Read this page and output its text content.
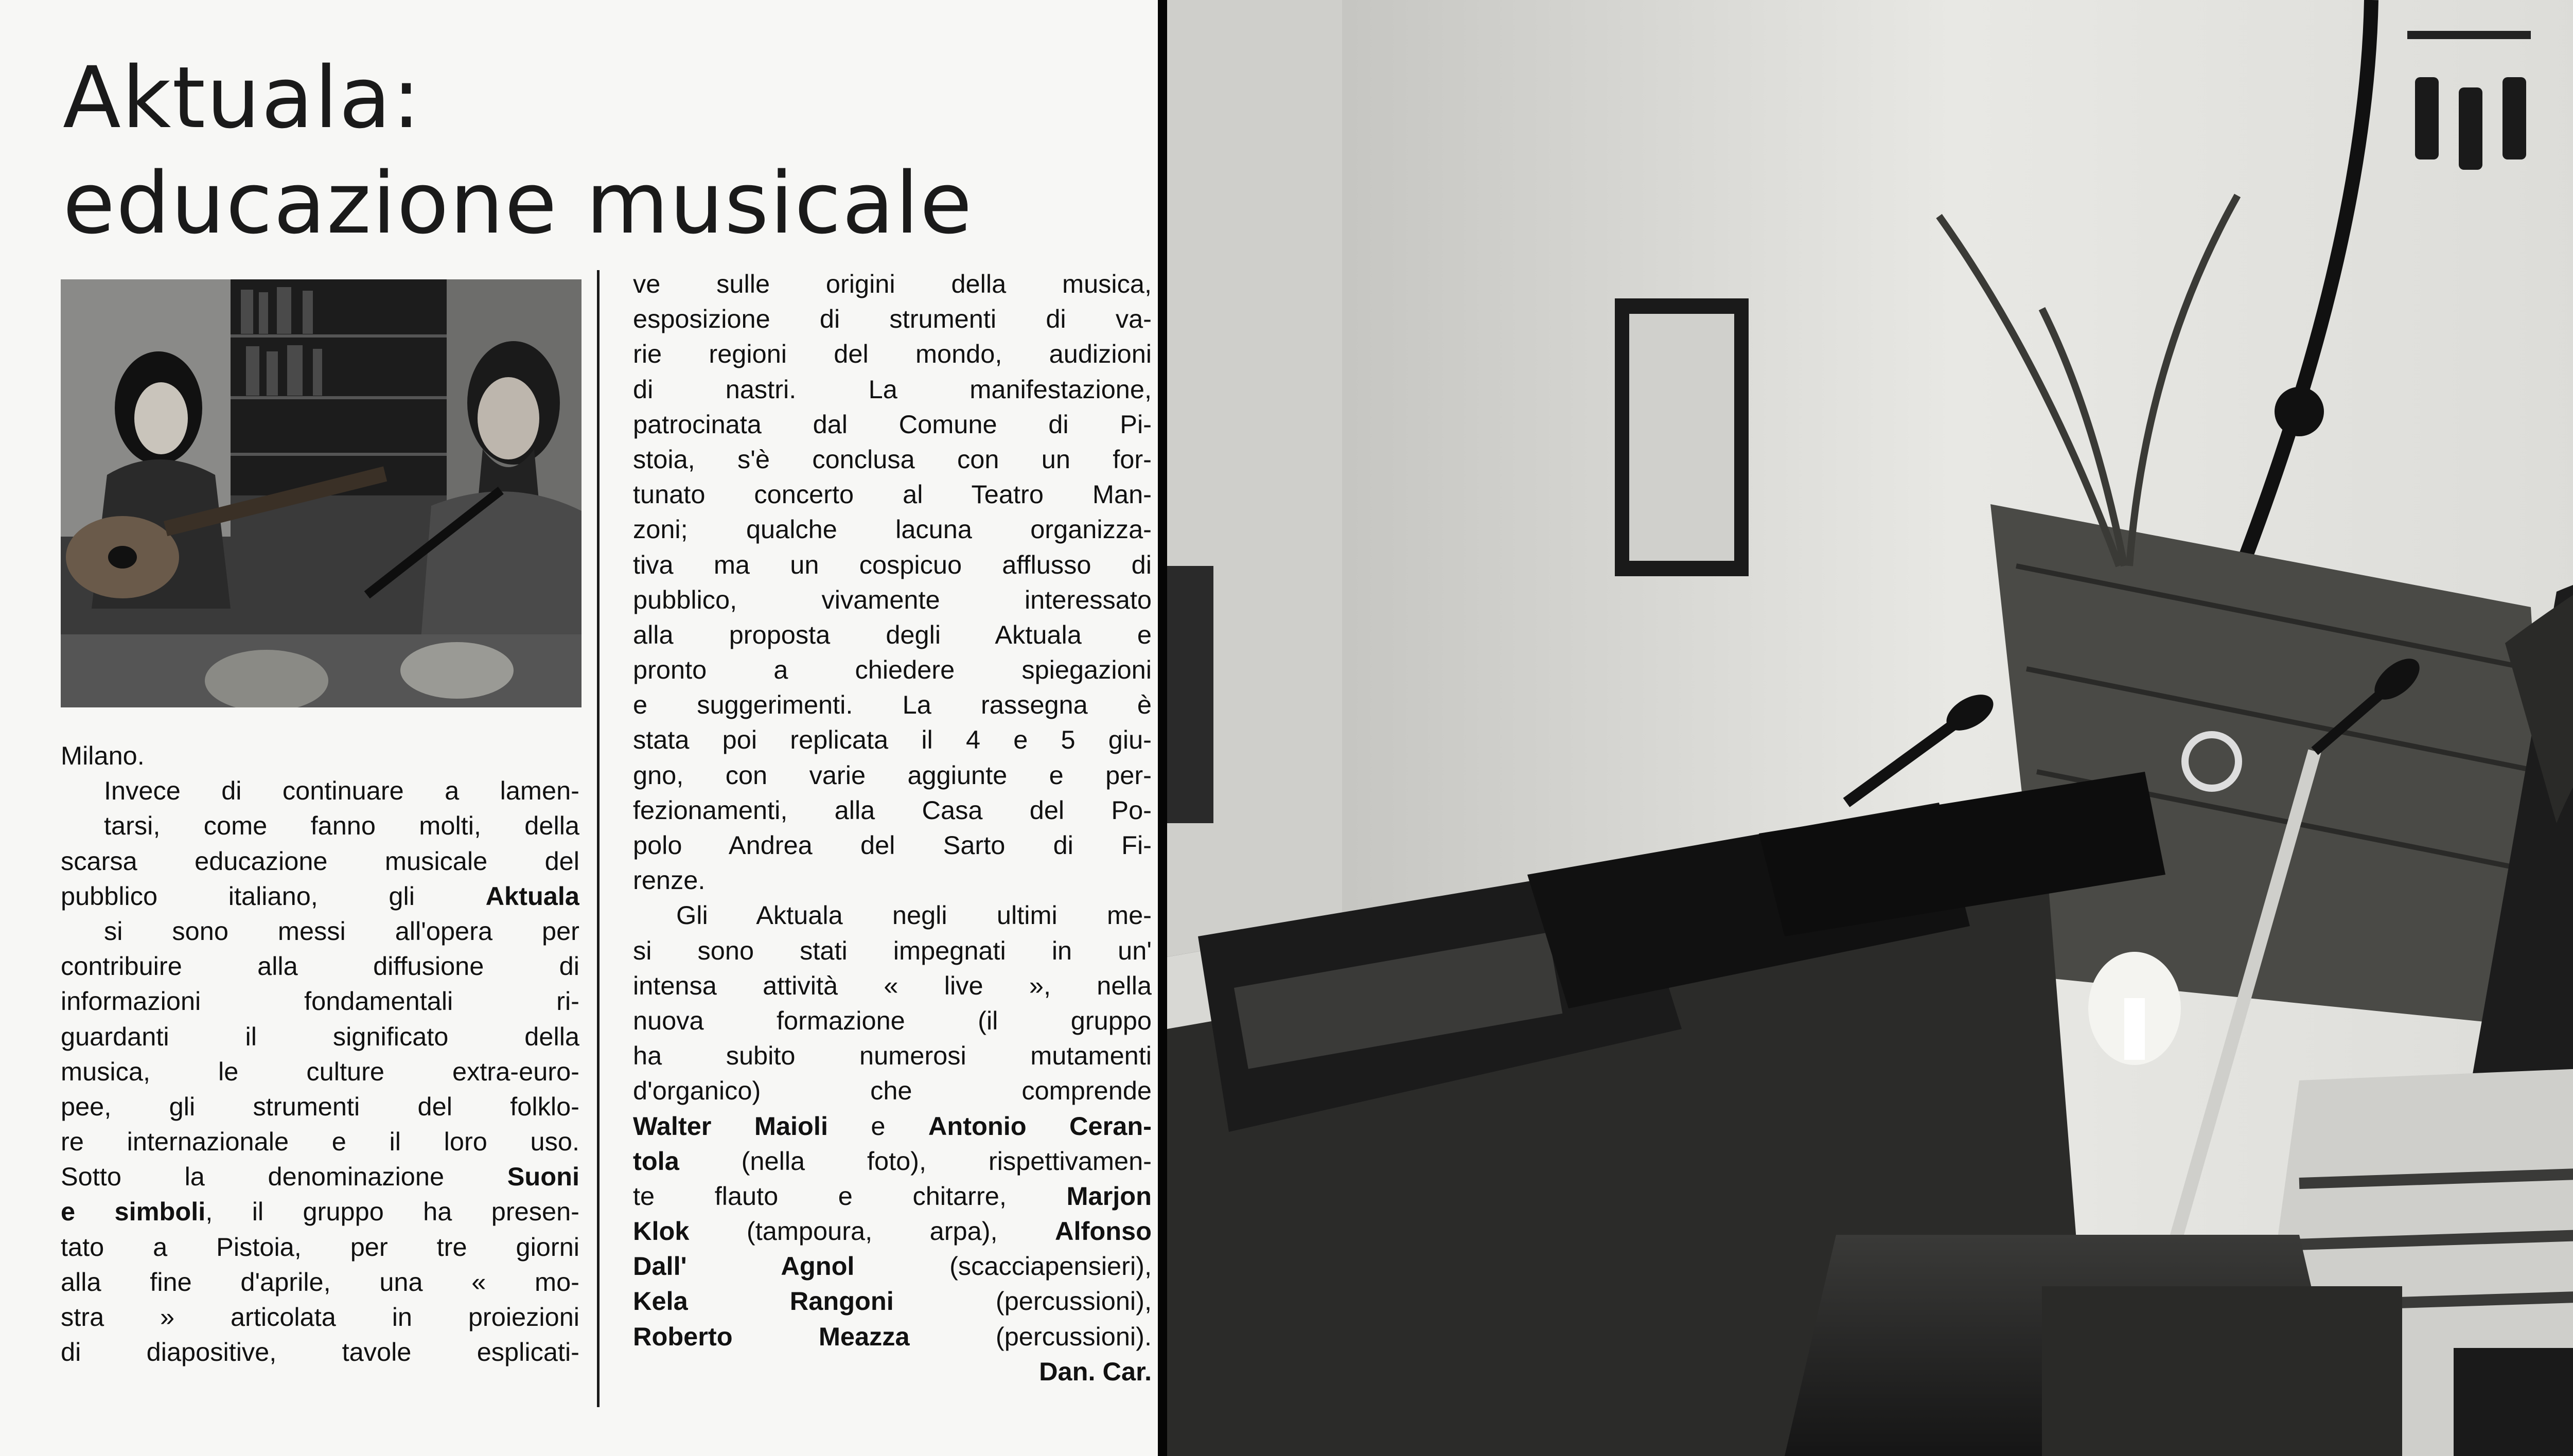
Aktuala:
educazione musicale
Milano.
Invece di continuare a lamen-
tarsi, come fanno molti, della
scarsa educazione musicale del
pubblico italiano, gli Aktuala
si sono messi all'opera per
contribuire alla diffusione di
informazioni fondamentali ri-
guardanti il significato della
musica, le culture extra-euro-
pee, gli strumenti del folklo-
re internazionale e il loro uso.
Sotto la denominazione Suoni
e simboli, il gruppo ha presen-
tato a Pistoia, per tre giorni
alla fine d'aprile, una « mo-
stra » articolata in proiezioni
di diapositive, tavole esplicati-
ve sulle origini della musica,
esposizione di strumenti di va-
rie regioni del mondo, audizioni
di nastri. La manifestazione,
patrocinata dal Comune di Pi-
stoia, s'è conclusa con un for-
tunato concerto al Teatro Man-
zoni; qualche lacuna organizza-
tiva ma un cospicuo afflusso di
pubblico, vivamente interessato
alla proposta degli Aktuala e
pronto a chiedere spiegazioni
e suggerimenti. La rassegna è
stata poi replicata il 4 e 5 giu-
gno, con varie aggiunte e per-
fezionamenti, alla Casa del Po-
polo Andrea del Sarto di Fi-
renze.
Gli Aktuala negli ultimi me-
si sono stati impegnati in un'
intensa attività « live », nella
nuova formazione (il gruppo
ha subito numerosi mutamenti
d'organico) che comprende
Walter Maioli e Antonio Ceran-
tola (nella foto), rispettivamen-
te flauto e chitarre, Marjon
Klok (tampoura, arpa), Alfonso
Dall' Agnol (scacciapensieri),
Kela Rangoni (percussioni),
Roberto Meazza (percussioni).
Dan. Car.
